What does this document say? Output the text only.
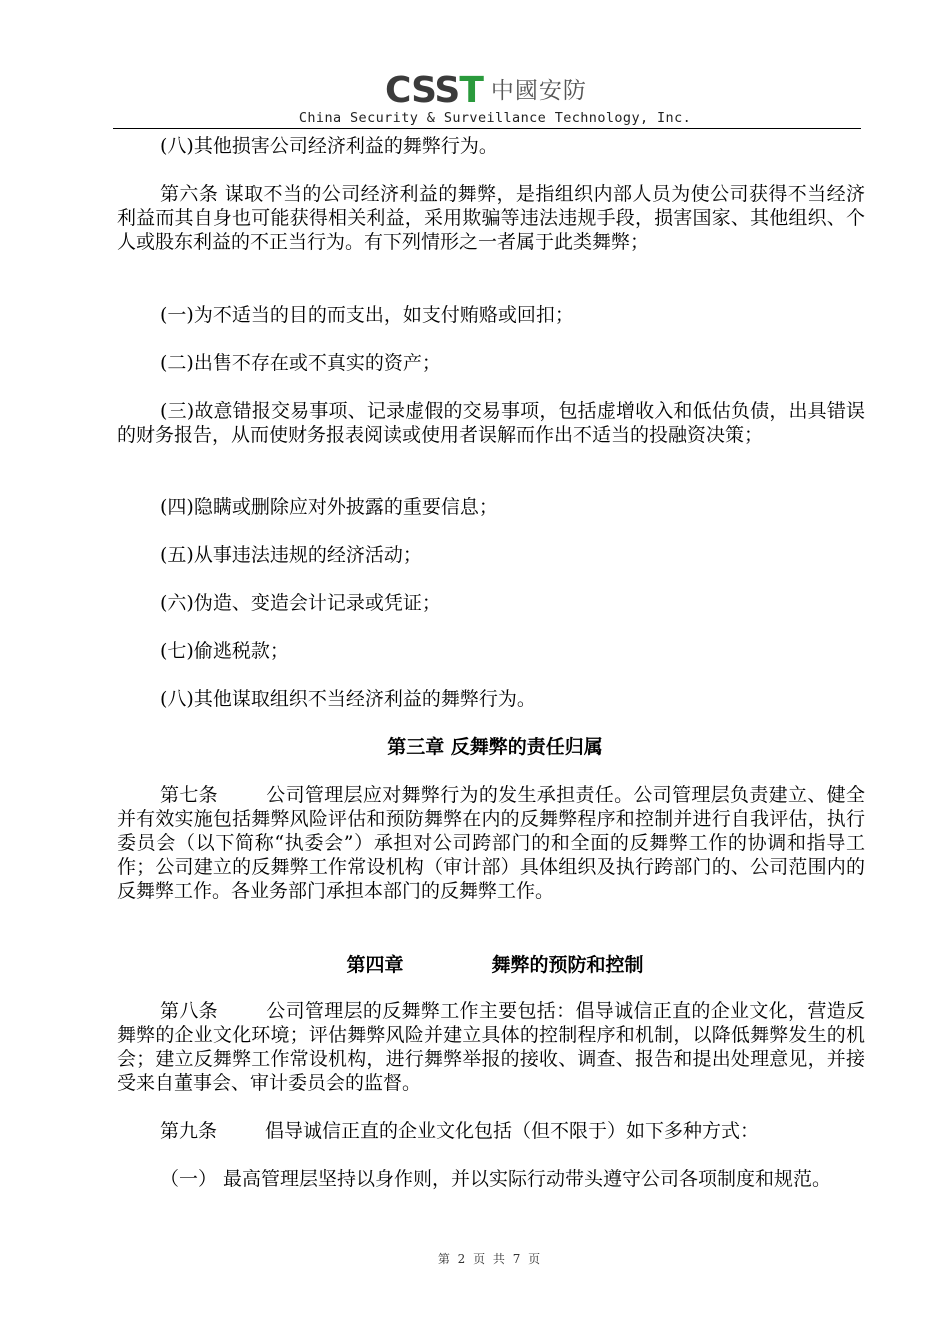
CSST 中國安防
China Security & Surveillance Technology, Inc.
(八)其他损害公司经济利益的舞弊行为。
第六条 谋取不当的公司经济利益的舞弊，是指组织内部人员为使公司获得不当经济利益而其自身也可能获得相关利益，采用欺骗等违法违规手段，损害国家、其他组织、个人或股东利益的不正当行为。有下列情形之一者属于此类舞弊；
(一)为不适当的目的而支出，如支付贿赂或回扣；
(二)出售不存在或不真实的资产；
(三)故意错报交易事项、记录虚假的交易事项，包括虚增收入和低估负债，出具错误的财务报告，从而使财务报表阅读或使用者误解而作出不适当的投融资决策；
(四)隐瞒或删除应对外披露的重要信息；
(五)从事违法违规的经济活动；
(六)伪造、变造会计记录或凭证；
(七)偷逃税款；
(八)其他谋取组织不当经济利益的舞弊行为。
第三章 反舞弊的责任归属
第七条	公司管理层应对舞弊行为的发生承担责任。公司管理层负责建立、健全并有效实施包括舞弊风险评估和预防舞弊在内的反舞弊程序和控制并进行自我评估，执行委员会（以下简称“执委会”）承担对公司跨部门的和全面的反舞弊工作的协调和指导工作；公司建立的反舞弊工作常设机构（审计部）具体组织及执行跨部门的、公司范围内的反舞弊工作。各业务部门承担本部门的反舞弊工作。
第四章	舞弊的预防和控制
第八条	公司管理层的反舞弊工作主要包括：倡导诚信正直的企业文化，营造反舞弊的企业文化环境；评估舞弊风险并建立具体的控制程序和机制，以降低舞弊发生的机会；建立反舞弊工作常设机构，进行舞弊举报的接收、调查、报告和提出处理意见，并接受来自董事会、审计委员会的监督。
第九条	倡导诚信正直的企业文化包括（但不限于）如下多种方式：
（一） 最高管理层坚持以身作则，并以实际行动带头遵守公司各项制度和规范。
第 2 页 共 7 页
